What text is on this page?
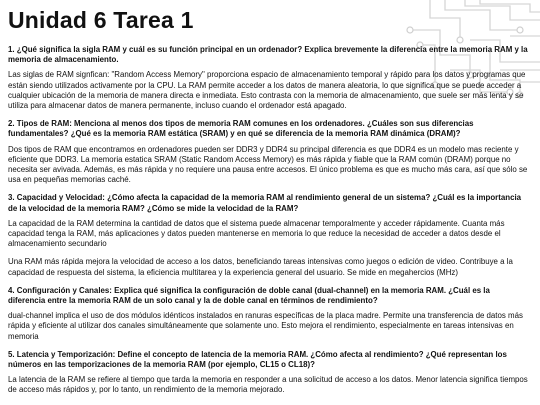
Unidad 6 Tarea 1

1. ¿Qué significa la sigla RAM y cuál es su función principal en un ordenador? Explica brevemente la diferencia entre la memoria RAM y la memoria de almacenamiento.

Las siglas de RAM signfican: "Random Access Memory" proporciona espacio de almacenamiento temporal y rápido para los datos y programas que están siendo utilizados activamente por la CPU. La RAM permite acceder a los datos de manera aleatoria, lo que significa que se puede acceder a cualquier ubicación de la memoria de manera directa e inmediata. Esto contrasta con la memoria de almacenamiento, que suele ser más lenta y se utiliza para almacenar datos de manera permanente, incluso cuando el ordenador está apagado.

2. Tipos de RAM: Menciona al menos dos tipos de memoria RAM comunes en los ordenadores. ¿Cuáles son sus diferencias fundamentales? ¿Qué es la memoria RAM estática (SRAM) y en qué se diferencia de la memoria RAM dinámica (DRAM)?

Dos tipos de RAM que encontramos en ordenadores pueden ser DDR3 y DDR4 su principal diferencia es que DDR4 es un modelo mas reciente y eficiente que DDR3. La memoria estatica SRAM (Static Random Access Memory) es más rápida y fiable que la RAM común (DRAM) porque no necesita ser avivada. Además, es más rápida y no requiere una pausa entre accesos. El único problema es que es mucho más cara, así que sólo se usa en pequeñas memorias caché.

3. Capacidad y Velocidad: ¿Cómo afecta la capacidad de la memoria RAM al rendimiento general de un sistema? ¿Cuál es la importancia de la velocidad de la memoria RAM? ¿Cómo se mide la velocidad de la RAM?

La capacidad de la RAM determina la cantidad de datos que el sistema puede almacenar temporalmente y acceder rápidamente. Cuanta más capacidad tenga la RAM, más aplicaciones y datos pueden mantenerse en memoria lo que reduce la necesidad de acceder a datos desde el almacenamiento secundario

Una RAM más rápida mejora la velocidad de acceso a los datos, beneficiando tareas intensivas como juegos o edición de video. Contribuye a la capacidad de respuesta del sistema, la eficiencia multitarea y la experiencia general del usuario. Se mide en megahercios (MHz)

4. Configuración y Canales: Explica qué significa la configuración de doble canal (dual-channel) en la memoria RAM. ¿Cuál es la diferencia entre la memoria RAM de un solo canal y la de doble canal en términos de rendimiento?

dual-channel implica el uso de dos módulos idénticos instalados en ranuras específicas de la placa madre. Permite una transferencia de datos más rápida y eficiente al utilizar dos canales simultáneamente que solamente uno. Esto mejora el rendimiento, especialmente en tareas intensivas en memoria

5. Latencia y Temporización: Define el concepto de latencia de la memoria RAM. ¿Cómo afecta al rendimiento? ¿Qué representan los números en las temporizaciones de la memoria RAM (por ejemplo, CL15 o CL18)?

La latencia de la RAM se refiere al tiempo que tarda la memoria en responder a una solicitud de acceso a los datos. Menor latencia significa tiempos de acceso más rápidos y, por lo tanto, un rendimiento de la memoria mejorado.
